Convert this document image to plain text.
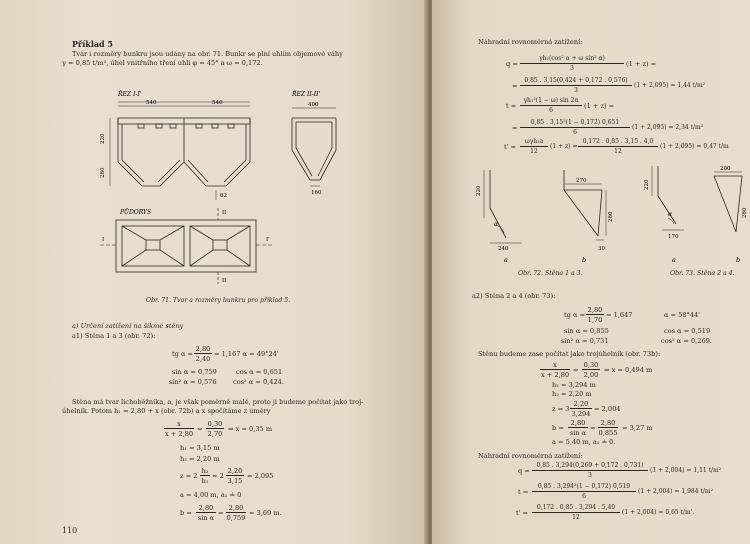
Příklad 5
Tvar i rozměry bunkru jsou udány na obr. 71. Bunkr se plní uhlím objemové váhy
γ = 0,85 t/m³, úhel vnitřního tření uhlí φ = 45° a ω = 0,172.
ŘEZ I-I'	ŘEZ II-II'
540	540	400
220
280
62	160
PŮDORYS	II
I	I'
II
Obr. 71. Tvar a rozměry bunkru pro příklad 5.
a) Určení zatížení na šikmé stěny
a1) Stěna 1 a 3 (obr. 72):
tg α =
2,80
2,40
= 1,167 α = 49°24'
sin α = 0,759	cos α = 0,651
sin² α = 0,576 cos² α = 0,424.
Stěna má tvar lichoběžníka, a, je však poměrně malé, proto ji budeme počítat jako troj-
úhelník. Potom h₁ = 2,80 + x (obr. 72b) a x spočítáme z úměry
x
x + 2,80
=
0,30
2,70
⇒ x = 0,35 m
h₁ = 3,15 m
h₂ = 2,20 m
z = 2
h₂
h₁
= 2
2,20
3,15
= 2,095
a = 4,00 m, a₁ ≐ 0
b =
2,80
sin α
=
2,80
0,759
= 3,69 m.
110
Náhradní rovnoměrná zatížení:
q =
γh₁(cos² α + ω sin² α)
3
(1 + z) =
=
0,85 . 3,15(0,424 + 0,172 . 0,576)
3
(1 + 2,095) = 1,44 t/m²
t =
γh₁²(1 − ω) sin 2α
6
(1 + z) =
=
0,85 . 3,15²(1 − 0,172) 0,651
6
(1 + 2,095) = 2,34 t/m²
t' =
ωγh₁a
12
(1 + z) =
0,172 . 0,85 . 3,15 . 4,0
12
(1 + 2,095) = 0,47 t/m
220
240
α
a
270
280
30
b
220
α
170
a
200
280
b
Obr. 72. Stěna 1 a 3.	Obr. 73. Stěna 2 a 4.
a2) Stěna 2 a 4 (obr. 73):
tg α =
2,80
1,70
= 1,647	α = 58°44'
sin α = 0,855	cos α = 0,519
sin² α = 0,731	cos² α = 0,269.
Stěnu budeme zase počítat jako trojúhelník (obr. 73b):
x
x + 2,80
=
0,30
2,00
⇒ x = 0,494 m
h₁ = 3,294 m
h₂ = 2,20 m
z = 3
2,20
3,294
= 2,004
b =
2,80
sin α
=
2,80
0,855
= 3,27 m
a = 5,40 m, a₁ ≐ 0.
Náhradní rovnoměrná zatížení:
q =
0,85 . 3,294(0,269 + 0,172 . 0,731)
3
(1 + 2,004) = 1,11 t/m²
t =
0,85 . 3,294²(1 − 0,172) 0,519
6
(1 + 2,004) = 1,984 t/m²
t' =
0,172 . 0,85 . 3,294 . 5,40
12
(1 + 2,004) = 0,65 t/m'.
